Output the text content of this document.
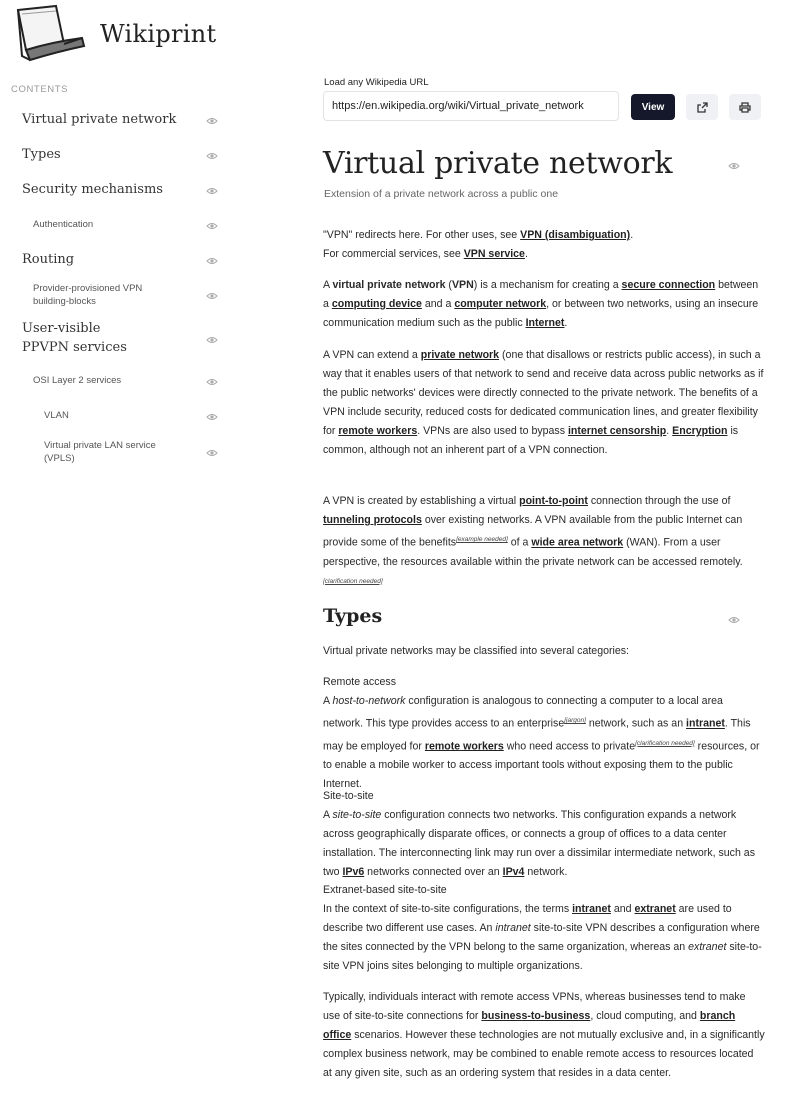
Wikiprint
CONTENTS
Virtual private network
Types
Security mechanisms
Authentication
Routing
Provider-provisioned VPN building-blocks
User-visible PPVPN services
OSI Layer 2 services
VLAN
Virtual private LAN service (VPLS)
Load any Wikipedia URL
https://en.wikipedia.org/wiki/Virtual_private_network
View
Virtual private network
Extension of a private network across a public one
"VPN" redirects here. For other uses, see VPN (disambiguation).
For commercial services, see VPN service.
A virtual private network (VPN) is a mechanism for creating a secure connection between a computing device and a computer network, or between two networks, using an insecure communication medium such as the public Internet.
A VPN can extend a private network (one that disallows or restricts public access), in such a way that it enables users of that network to send and receive data across public networks as if the public networks' devices were directly connected to the private network. The benefits of a VPN include security, reduced costs for dedicated communication lines, and greater flexibility for remote workers. VPNs are also used to bypass internet censorship. Encryption is common, although not an inherent part of a VPN connection.
A VPN is created by establishing a virtual point-to-point connection through the use of tunneling protocols over existing networks. A VPN available from the public Internet can provide some of the benefits[example needed] of a wide area network (WAN). From a user perspective, the resources available within the private network can be accessed remotely.[clarification needed]
Types
Virtual private networks may be classified into several categories:
Remote access
A host-to-network configuration is analogous to connecting a computer to a local area network. This type provides access to an enterprise[jargon] network, such as an intranet. This may be employed for remote workers who need access to private[clarification needed] resources, or to enable a mobile worker to access important tools without exposing them to the public Internet.
Site-to-site
A site-to-site configuration connects two networks. This configuration expands a network across geographically disparate offices, or connects a group of offices to a data center installation. The interconnecting link may run over a dissimilar intermediate network, such as two IPv6 networks connected over an IPv4 network.
Extranet-based site-to-site
In the context of site-to-site configurations, the terms intranet and extranet are used to describe two different use cases. An intranet site-to-site VPN describes a configuration where the sites connected by the VPN belong to the same organization, whereas an extranet site-to-site VPN joins sites belonging to multiple organizations.
Typically, individuals interact with remote access VPNs, whereas businesses tend to make use of site-to-site connections for business-to-business, cloud computing, and branch office scenarios. However these technologies are not mutually exclusive and, in a significantly complex business network, may be combined to enable remote access to resources located at any given site, such as an ordering system that resides in a data center.
